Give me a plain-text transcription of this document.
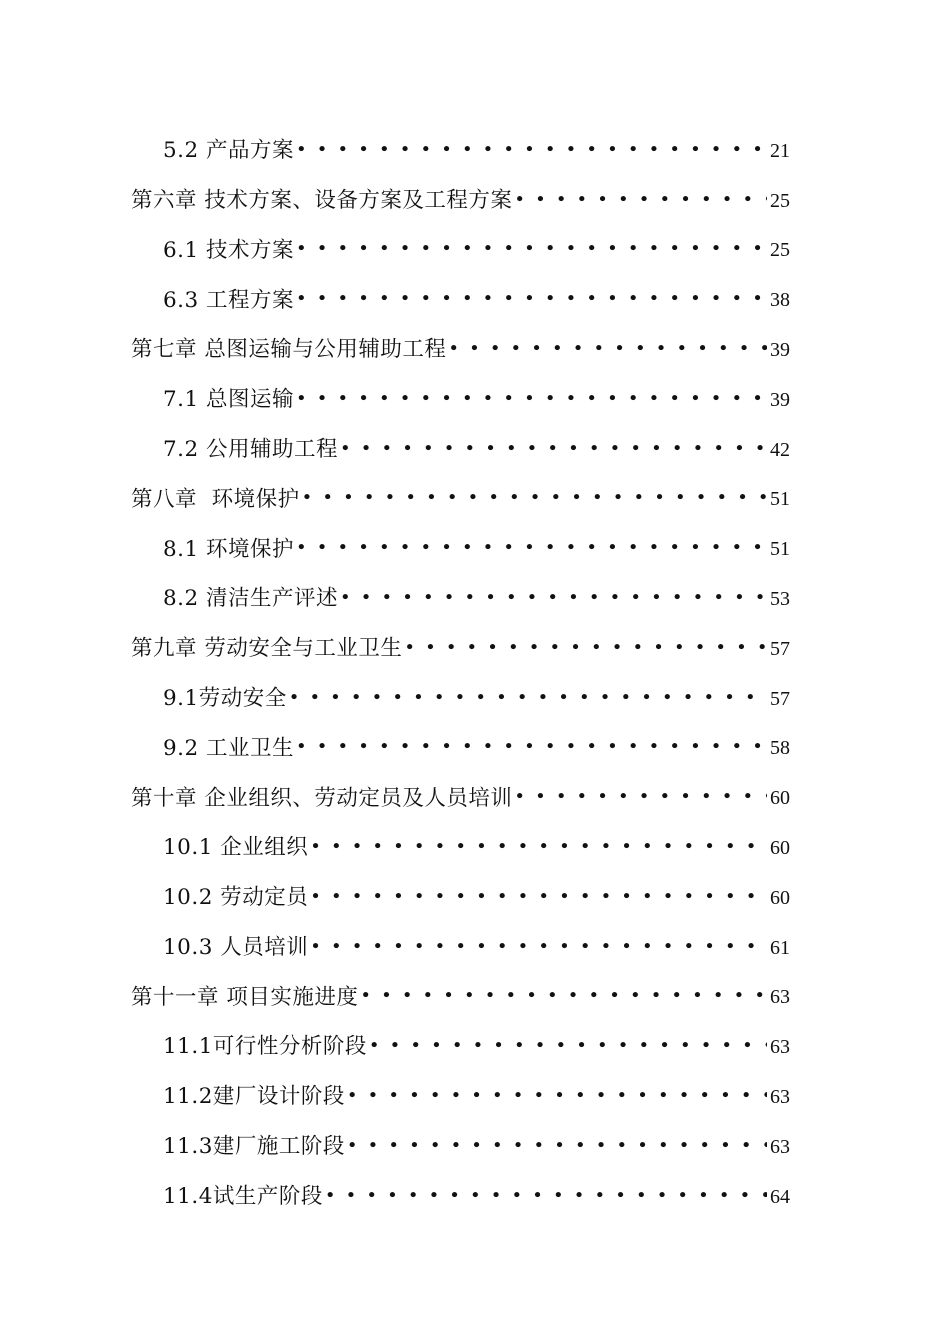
5.2 产品方案 • • •	21
第六章 技术方案、设备方案及工程方案 • • •	25
6.1 技术方案 • • •	25
6.3 工程方案 • • •	38
第七章 总图运输与公用辅助工程 • • •	39
7.1 总图运输 • • •	39
7.2 公用辅助工程 • • •	42
第八章  环境保护 • • •	51
8.1 环境保护 • • •	51
8.2 清洁生产评述 • • •	53
第九章 劳动安全与工业卫生 • • •	57
9.1劳动安全 • • •	57
9.2 工业卫生 • • •	58
第十章 企业组织、劳动定员及人员培训 • • •	60
10.1 企业组织 • • •	60
10.2 劳动定员 • • •	60
10.3 人员培训 • • •	61
第十一章 项目实施进度 • • •	63
11.1可行性分析阶段 • • •	63
11.2建厂设计阶段 • • •	63
11.3建厂施工阶段 • • •	63
11.4试生产阶段 • • •	64
